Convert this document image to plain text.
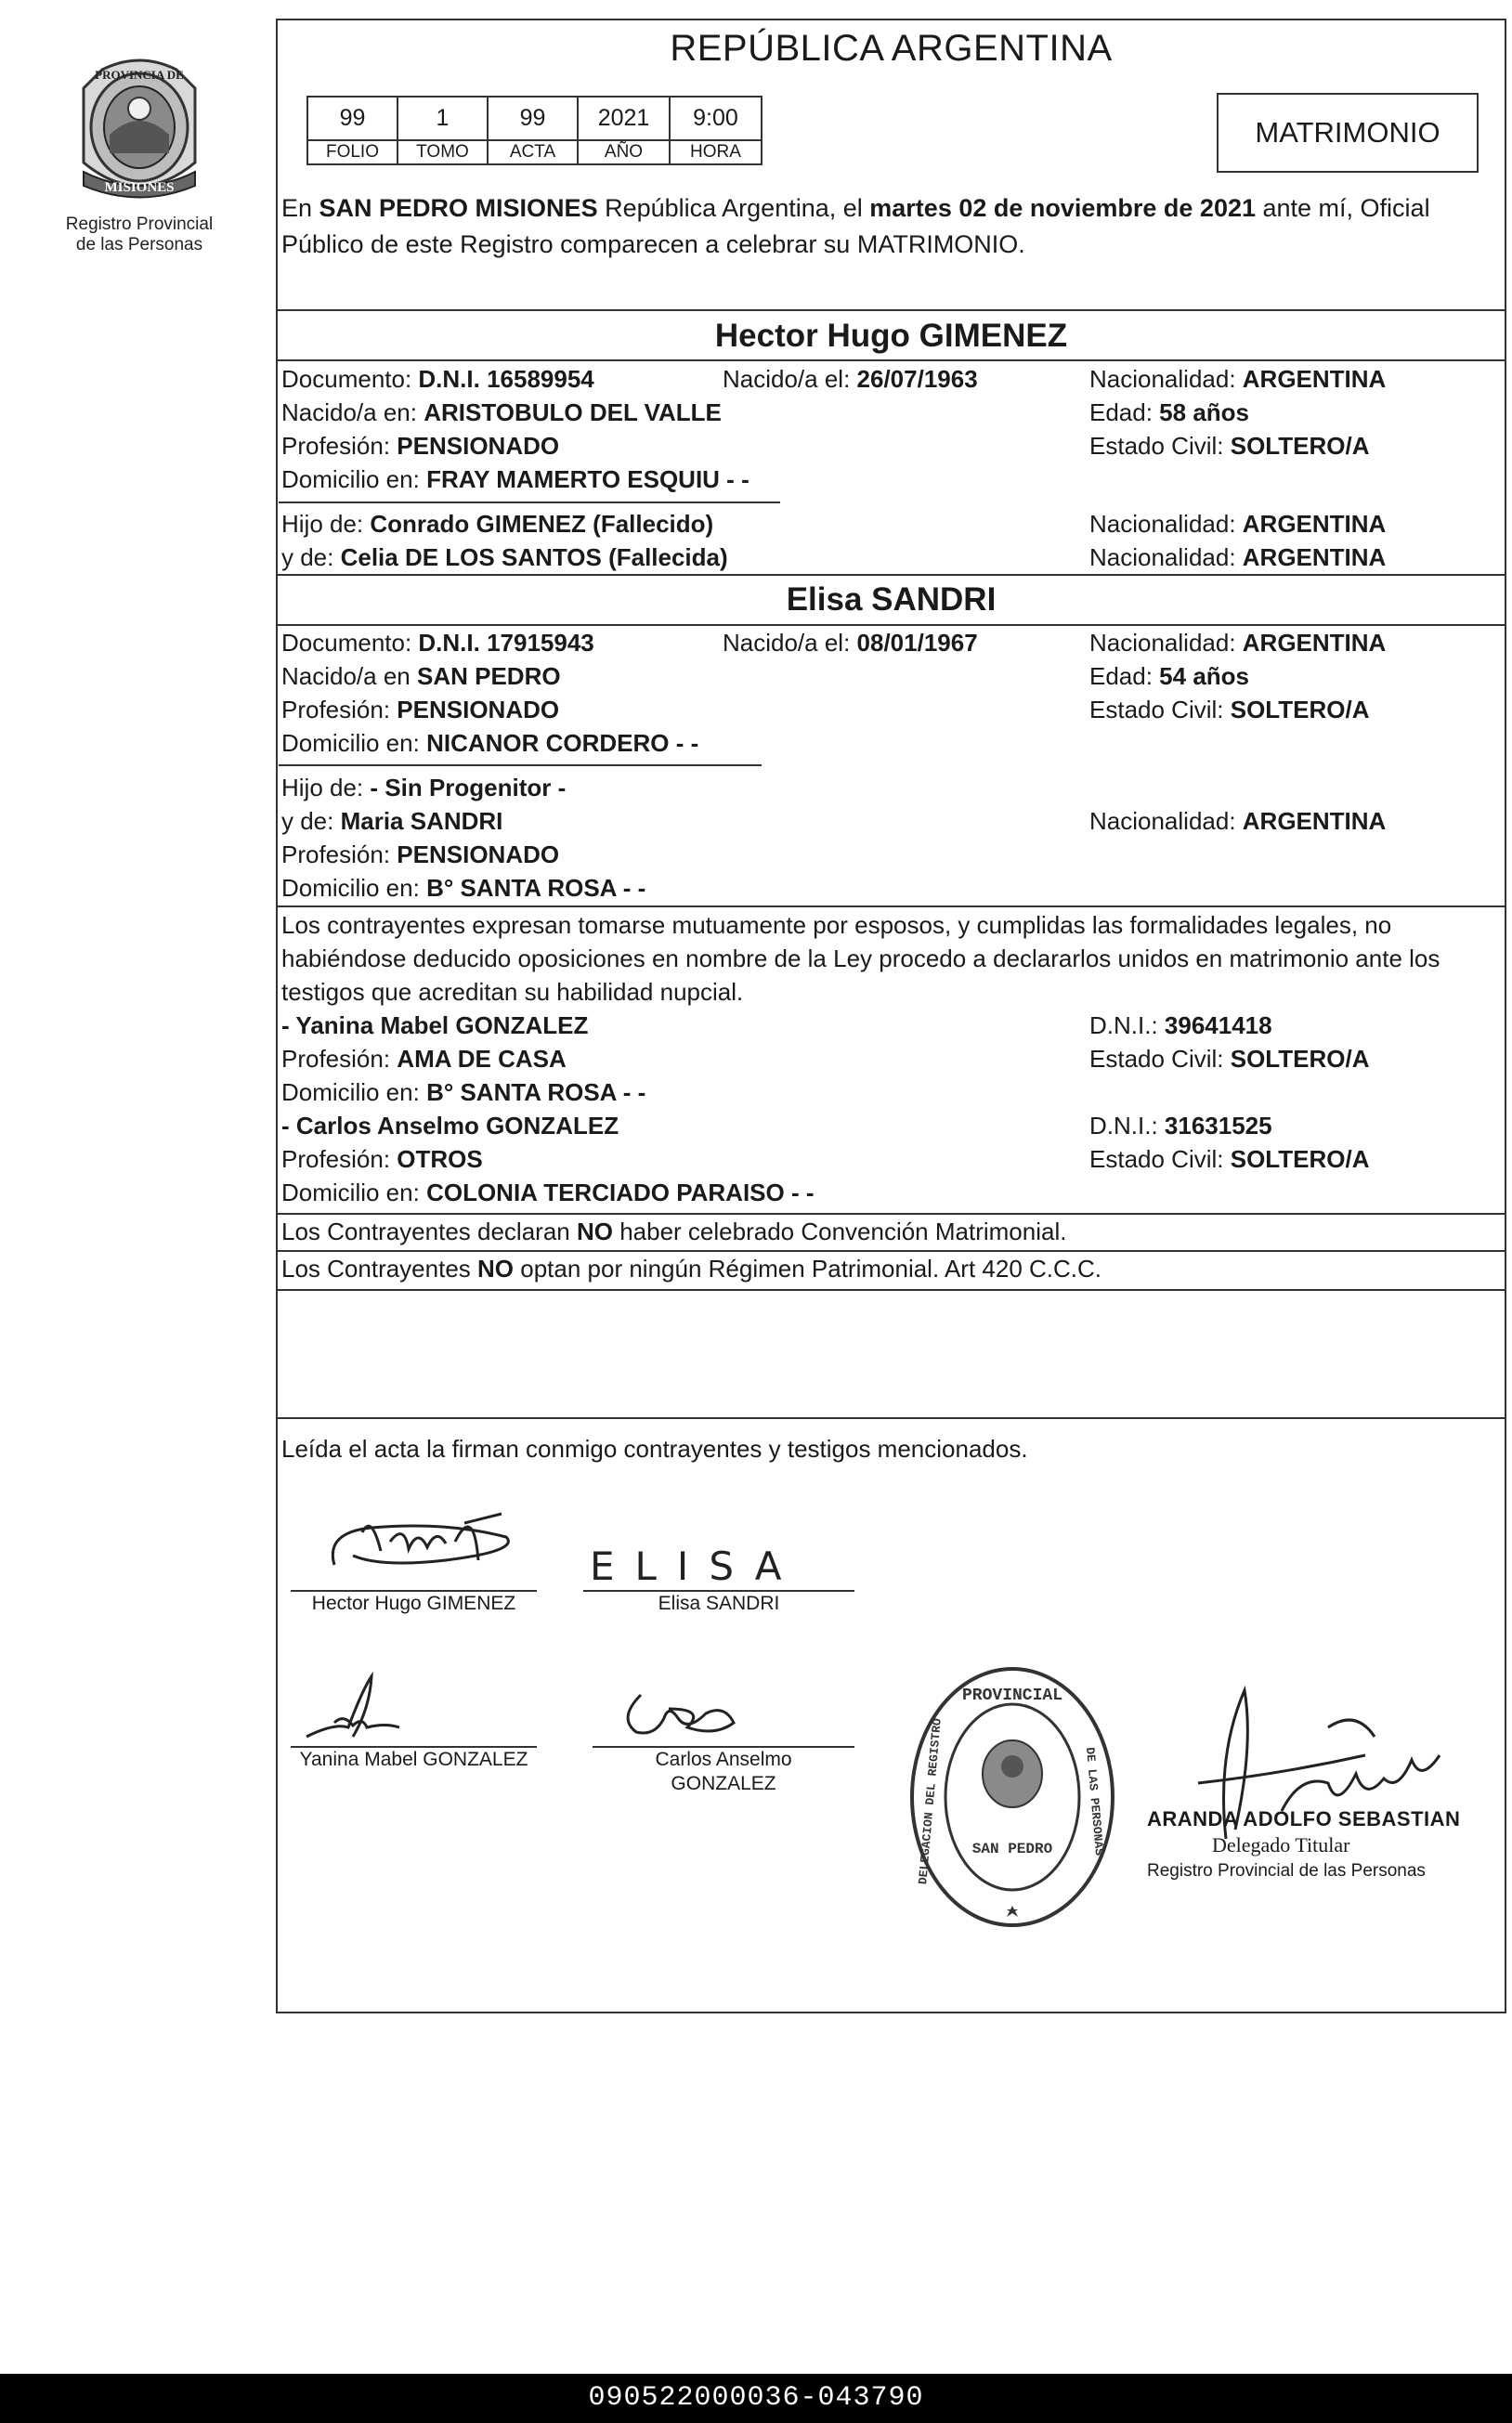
PROVINCIA DE
MISIONES
Registro Provincial
de las Personas
REPÚBLICA ARGENTINA
99	1	99	2021	9:00
FOLIO	TOMO	ACTA	AÑO	HORA
MATRIMONIO
En SAN PEDRO MISIONES República Argentina, el martes 02 de noviembre de 2021 ante mí, Oficial Público de este Registro comparecen a celebrar su MATRIMONIO.
Hector Hugo GIMENEZ
Documento: D.N.I. 16589954	Nacido/a el: 26/07/1963	Nacionalidad: ARGENTINA
Nacido/a en: ARISTOBULO DEL VALLE	Edad: 58 años
Profesión: PENSIONADO	Estado Civil: SOLTERO/A
Domicilio en: FRAY MAMERTO ESQUIU - -
Hijo de: Conrado GIMENEZ (Fallecido)	Nacionalidad: ARGENTINA
y de: Celia DE LOS SANTOS (Fallecida)	Nacionalidad: ARGENTINA
Elisa SANDRI
Documento: D.N.I. 17915943	Nacido/a el: 08/01/1967	Nacionalidad: ARGENTINA
Nacido/a en SAN PEDRO	Edad: 54 años
Profesión: PENSIONADO	Estado Civil: SOLTERO/A
Domicilio en: NICANOR CORDERO - -
Hijo de: - Sin Progenitor -
y de: Maria SANDRI	Nacionalidad: ARGENTINA
Profesión: PENSIONADO
Domicilio en: B° SANTA ROSA - -
Los contrayentes expresan tomarse mutuamente por esposos, y cumplidas las formalidades legales, no habiéndose deducido oposiciones en nombre de la Ley procedo a declararlos unidos en matrimonio ante los testigos que acreditan su habilidad nupcial.
- Yanina Mabel GONZALEZ	D.N.I.: 39641418
Profesión: AMA DE CASA	Estado Civil: SOLTERO/A
Domicilio en: B° SANTA ROSA - -
- Carlos Anselmo GONZALEZ	D.N.I.: 31631525
Profesión: OTROS	Estado Civil: SOLTERO/A
Domicilio en: COLONIA TERCIADO PARAISO - -
Los Contrayentes declaran NO haber celebrado Convención Matrimonial.
Los Contrayentes NO optan por ningún Régimen Patrimonial. Art 420 C.C.C.
Leída el acta la firman conmigo contrayentes y testigos mencionados.
Hector Hugo GIMENEZ
ELISA
Elisa SANDRI
Yanina Mabel GONZALEZ	Carlos Anselmo
GONZALEZ
PROVINCIAL
DELEGACION DEL REGISTRO	DE LAS PERSONAS
SAN PEDRO
ARANDA ADOLFO SEBASTIAN
Delegado Titular
Registro Provincial de las Personas
090522000036-043790
